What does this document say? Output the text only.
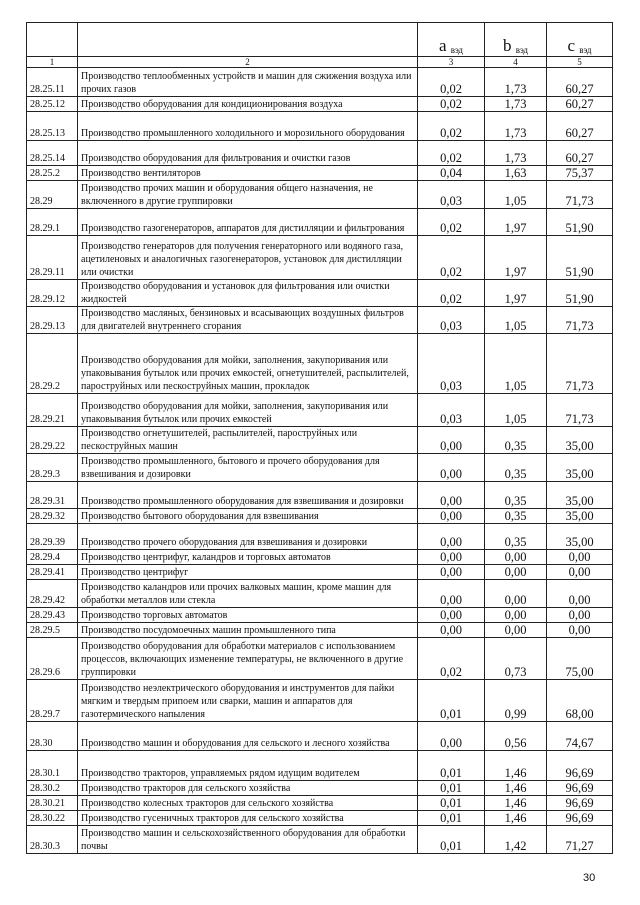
		a вэд	b вэд	c вэд
1	2	3	4	5
28.25.11	Производство теплообменных устройств и машин для сжижения воздуха или прочих газов	0,02	1,73	60,27
28.25.12	Производство оборудования для кондиционирования воздуха	0,02	1,73	60,27
28.25.13	Производство промышленного холодильного и морозильного оборудования	0,02	1,73	60,27
28.25.14	Производство оборудования для фильтрования и очистки газов	0,02	1,73	60,27
28.25.2	Производство вентиляторов	0,04	1,63	75,37
28.29	Производство прочих машин и оборудования общего назначения, не включенного в другие группировки	0,03	1,05	71,73
28.29.1	Производство газогенераторов, аппаратов для дистилляции и фильтрования	0,02	1,97	51,90
28.29.11	Производство генераторов для получения генераторного или водяного газа, ацетиленовых и аналогичных газогенераторов, установок для дистилляции или очистки	0,02	1,97	51,90
28.29.12	Производство оборудования и установок для фильтрования или очистки жидкостей	0,02	1,97	51,90
28.29.13	Производство масляных, бензиновых и всасывающих воздушных фильтров для двигателей внутреннего сгорания	0,03	1,05	71,73
28.29.2	Производство оборудования для мойки, заполнения, закупоривания или упаковывания бутылок или прочих емкостей, огнетушителей, распылителей, пароструйных или пескоструйных машин, прокладок	0,03	1,05	71,73
28.29.21	Производство оборудования для мойки, заполнения, закупоривания или упаковывания бутылок или прочих емкостей	0,03	1,05	71,73
28.29.22	Производство огнетушителей, распылителей, пароструйных или пескоструйных машин	0,00	0,35	35,00
28.29.3	Производство промышленного, бытового и прочего оборудования для взвешивания и дозировки	0,00	0,35	35,00
28.29.31	Производство промышленного оборудования для взвешивания и дозировки	0,00	0,35	35,00
28.29.32	Производство бытового оборудования для взвешивания	0,00	0,35	35,00
28.29.39	Производство прочего оборудования для взвешивания и дозировки	0,00	0,35	35,00
28.29.4	Производство центрифуг, каландров и торговых автоматов	0,00	0,00	0,00
28.29.41	Производство центрифуг	0,00	0,00	0,00
28.29.42	Производство каландров или прочих валковых машин, кроме машин для обработки металлов или стекла	0,00	0,00	0,00
28.29.43	Производство торговых автоматов	0,00	0,00	0,00
28.29.5	Производство посудомоечных машин промышленного типа	0,00	0,00	0,00
28.29.6	Производство оборудования для обработки материалов с использованием процессов, включающих изменение температуры, не включенного в другие группировки	0,02	0,73	75,00
28.29.7	Производство неэлектрического оборудования и инструментов для пайки мягким и твердым припоем или сварки, машин и аппаратов для газотермического напыления	0,01	0,99	68,00
28.30	Производство машин и оборудования для сельского и лесного хозяйства	0,00	0,56	74,67
28.30.1	Производство тракторов, управляемых рядом идущим водителем	0,01	1,46	96,69
28.30.2	Производство тракторов для сельского хозяйства	0,01	1,46	96,69
28.30.21	Производство колесных тракторов для сельского хозяйства	0,01	1,46	96,69
28.30.22	Производство гусеничных тракторов для сельского хозяйства	0,01	1,46	96,69
28.30.3	Производство машин и сельскохозяйственного оборудования для обработки почвы	0,01	1,42	71,27
30
